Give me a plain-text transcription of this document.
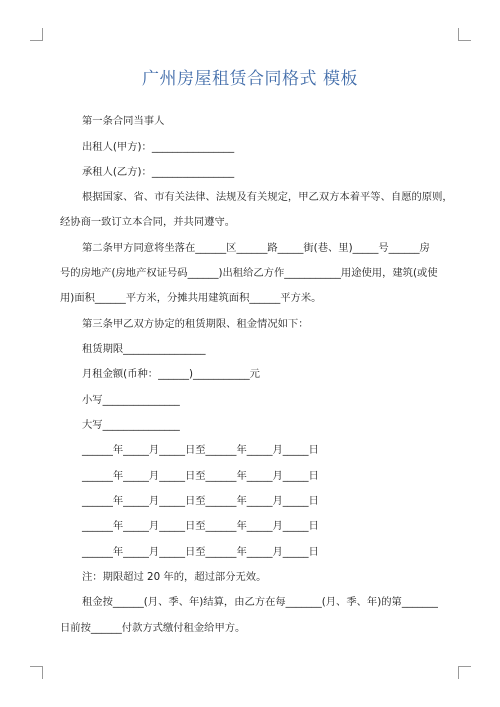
广州房屋租赁合同格式 模板
第一条合同当事人
出租人(甲方)：________________
承租人(乙方)：________________
根据国家、省、市有关法律、法规及有关规定，甲乙双方本着平等、自愿的原则，
经协商一致订立本合同，并共同遵守。
第二条甲方同意将坐落在______区______路_____街(巷、里)_____号______房
号的房地产(房地产权证号码______)出租给乙方作___________用途使用，建筑(或使
用)面积______平方米，分摊共用建筑面积______平方米。
第三条甲乙双方协定的租赁期限、租金情况如下：
租赁期限________________
月租金额(币种：______)___________元
小写_______________
大写_______________
______年_____月_____日至______年_____月_____日
______年_____月_____日至______年_____月_____日
______年_____月_____日至______年_____月_____日
______年_____月_____日至______年_____月_____日
______年_____月_____日至______年_____月_____日
注：期限超过 20 年的，超过部分无效。
租金按______(月、季、年)结算，由乙方在每_______(月、季、年)的第_______
日前按______付款方式缴付租金给甲方。
